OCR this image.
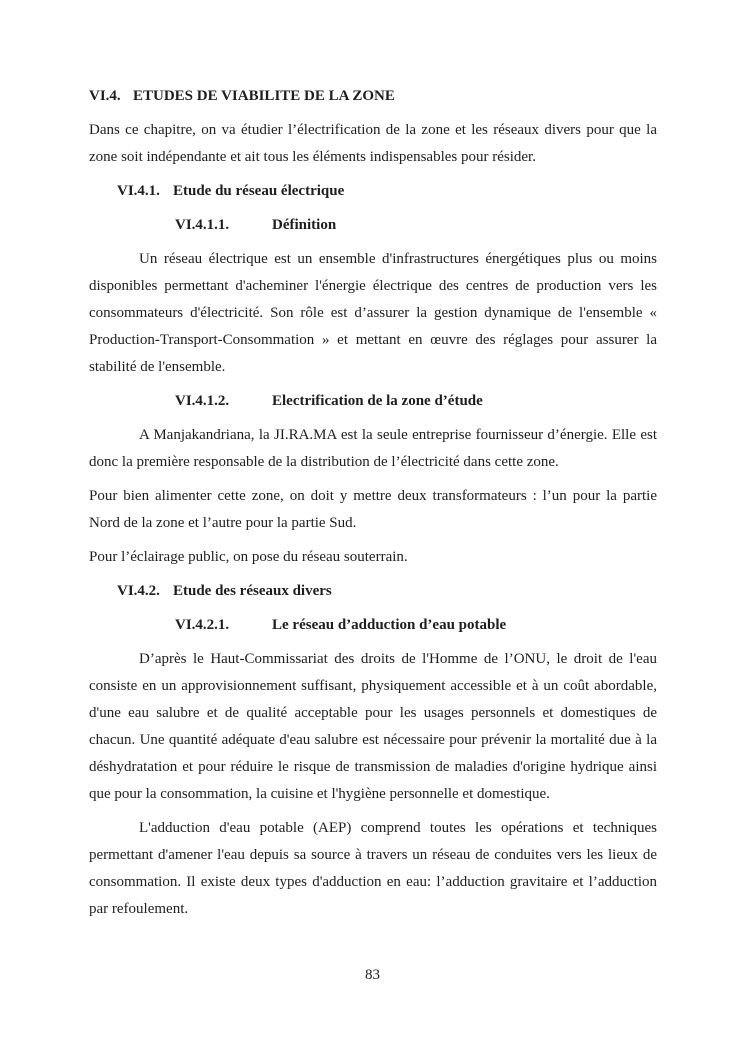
VI.4. ETUDES DE VIABILITE DE LA ZONE

Dans ce chapitre, on va étudier l’électrification de la zone et les réseaux divers pour que la zone soit indépendante et ait tous les éléments indispensables pour résider.

VI.4.1. Etude du réseau électrique
VI.4.1.1.	Définition

Un réseau électrique est un ensemble d'infrastructures énergétiques plus ou moins disponibles permettant d'acheminer l'énergie électrique des centres de production vers les consommateurs d'électricité. Son rôle est d’assurer la gestion dynamique de l'ensemble « Production-Transport-Consommation » et mettant en œuvre des réglages pour assurer la stabilité de l'ensemble.

VI.4.1.2.	Electrification de la zone d’étude

A Manjakandriana, la JI.RA.MA est la seule entreprise fournisseur d’énergie. Elle est donc la première responsable de la distribution de l’électricité dans cette zone.

Pour bien alimenter cette zone, on doit y mettre deux transformateurs : l’un pour la partie Nord de la zone et l’autre pour la partie Sud.

Pour l’éclairage public, on pose du réseau souterrain.

VI.4.2. Etude des réseaux divers
VI.4.2.1.	Le réseau d’adduction d’eau potable

D’après le Haut-Commissariat des droits de l'Homme de l’ONU, le droit de l'eau consiste en un approvisionnement suffisant, physiquement accessible et à un coût abordable, d'une eau salubre et de qualité acceptable pour les usages personnels et domestiques de chacun. Une quantité adéquate d'eau salubre est nécessaire pour prévenir la mortalité due à la déshydratation et pour réduire le risque de transmission de maladies d'origine hydrique ainsi que pour la consommation, la cuisine et l'hygiène personnelle et domestique.

L'adduction d'eau potable (AEP) comprend toutes les opérations et techniques permettant d'amener l'eau depuis sa source à travers un réseau de conduites vers les lieux de consommation. Il existe deux types d'adduction en eau: l’adduction gravitaire et l’adduction par refoulement.

83
